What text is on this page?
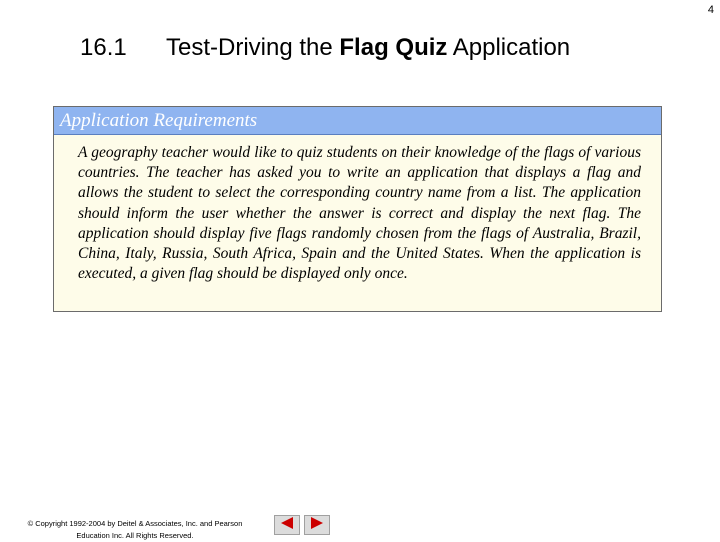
4
16.1 Test-Driving the Flag Quiz Application
Application Requirements
A geography teacher would like to quiz students on their knowledge of the flags of various countries. The teacher has asked you to write an application that displays a flag and allows the student to select the corresponding country name from a list. The application should inform the user whether the answer is correct and display the next flag. The application should display five flags randomly chosen from the flags of Australia, Brazil, China, Italy, Russia, South Africa, Spain and the United States. When the application is executed, a given flag should be displayed only once.
© Copyright 1992-2004 by Deitel & Associates, Inc. and Pearson
Education Inc. All Rights Reserved.
